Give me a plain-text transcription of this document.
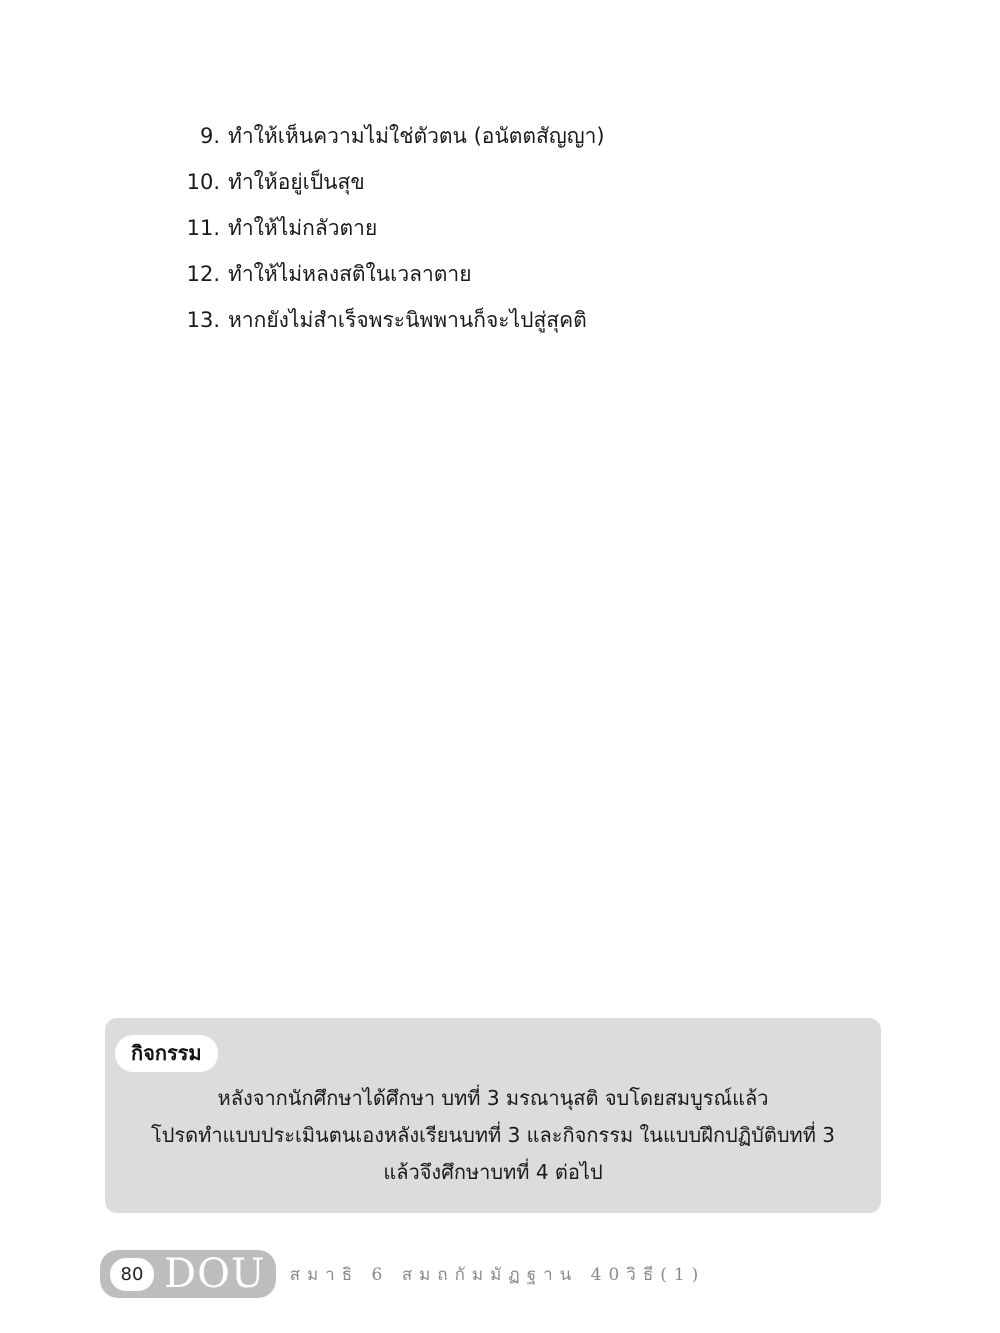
9. ทำให้เห็นความไม่ใช่ตัวตน (อนัตตสัญญา)
10. ทำให้อยู่เป็นสุข
11. ทำให้ไม่กลัวตาย
12. ทำให้ไม่หลงสติในเวลาตาย
13. หากยังไม่สำเร็จพระนิพพานก็จะไปสู่สุคติ
กิจกรรม
หลังจากนักศึกษาได้ศึกษา บทที่ 3 มรณานุสติ จบโดยสมบูรณ์แล้ว
โปรดทำแบบประเมินตนเองหลังเรียนบทที่ 3 และกิจกรรม ในแบบฝึกปฏิบัติบทที่ 3
แล้วจึงศึกษาบทที่ 4 ต่อไป
80 DOU สมาธิ 6 สมถกัมมัฏฐาน 40วิธี(1)
